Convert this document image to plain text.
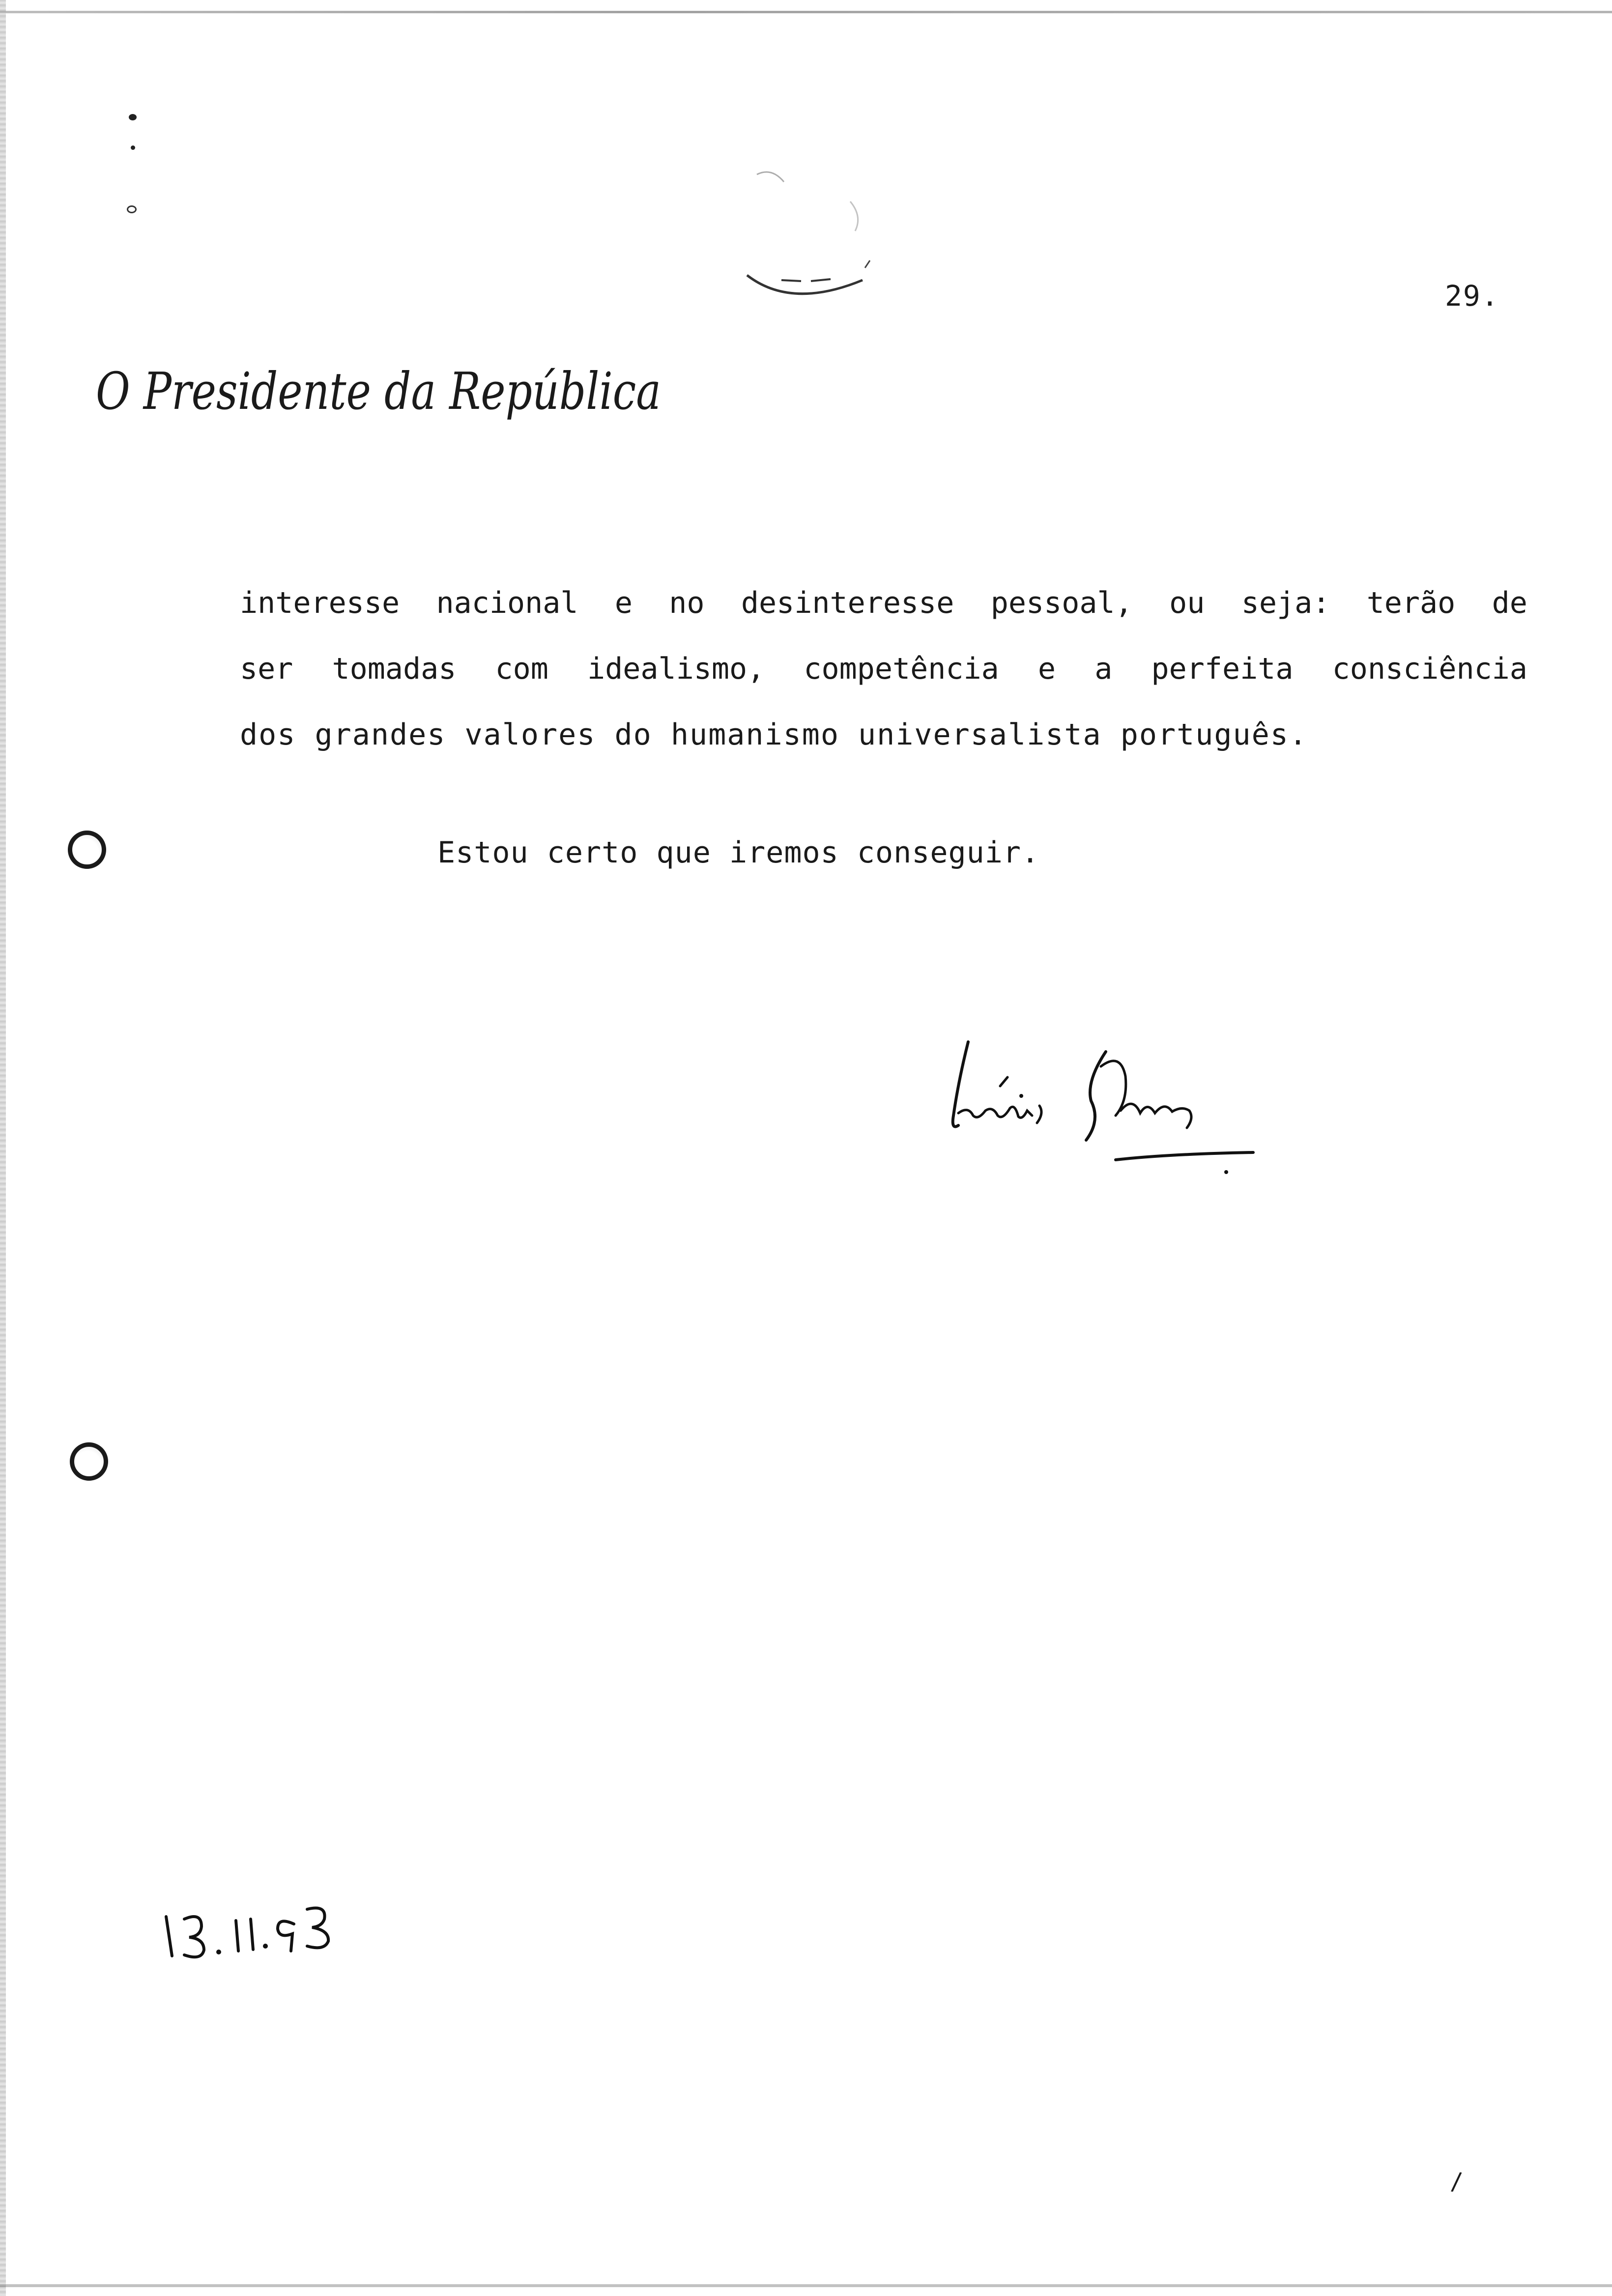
29.
O Presidente da República
interesse nacional e no desinteresse pessoal, ou seja: terão de
ser tomadas com idealismo, competência e a perfeita consciência
dos grandes valores do humanismo universalista português.
Estou certo que iremos conseguir.
/
